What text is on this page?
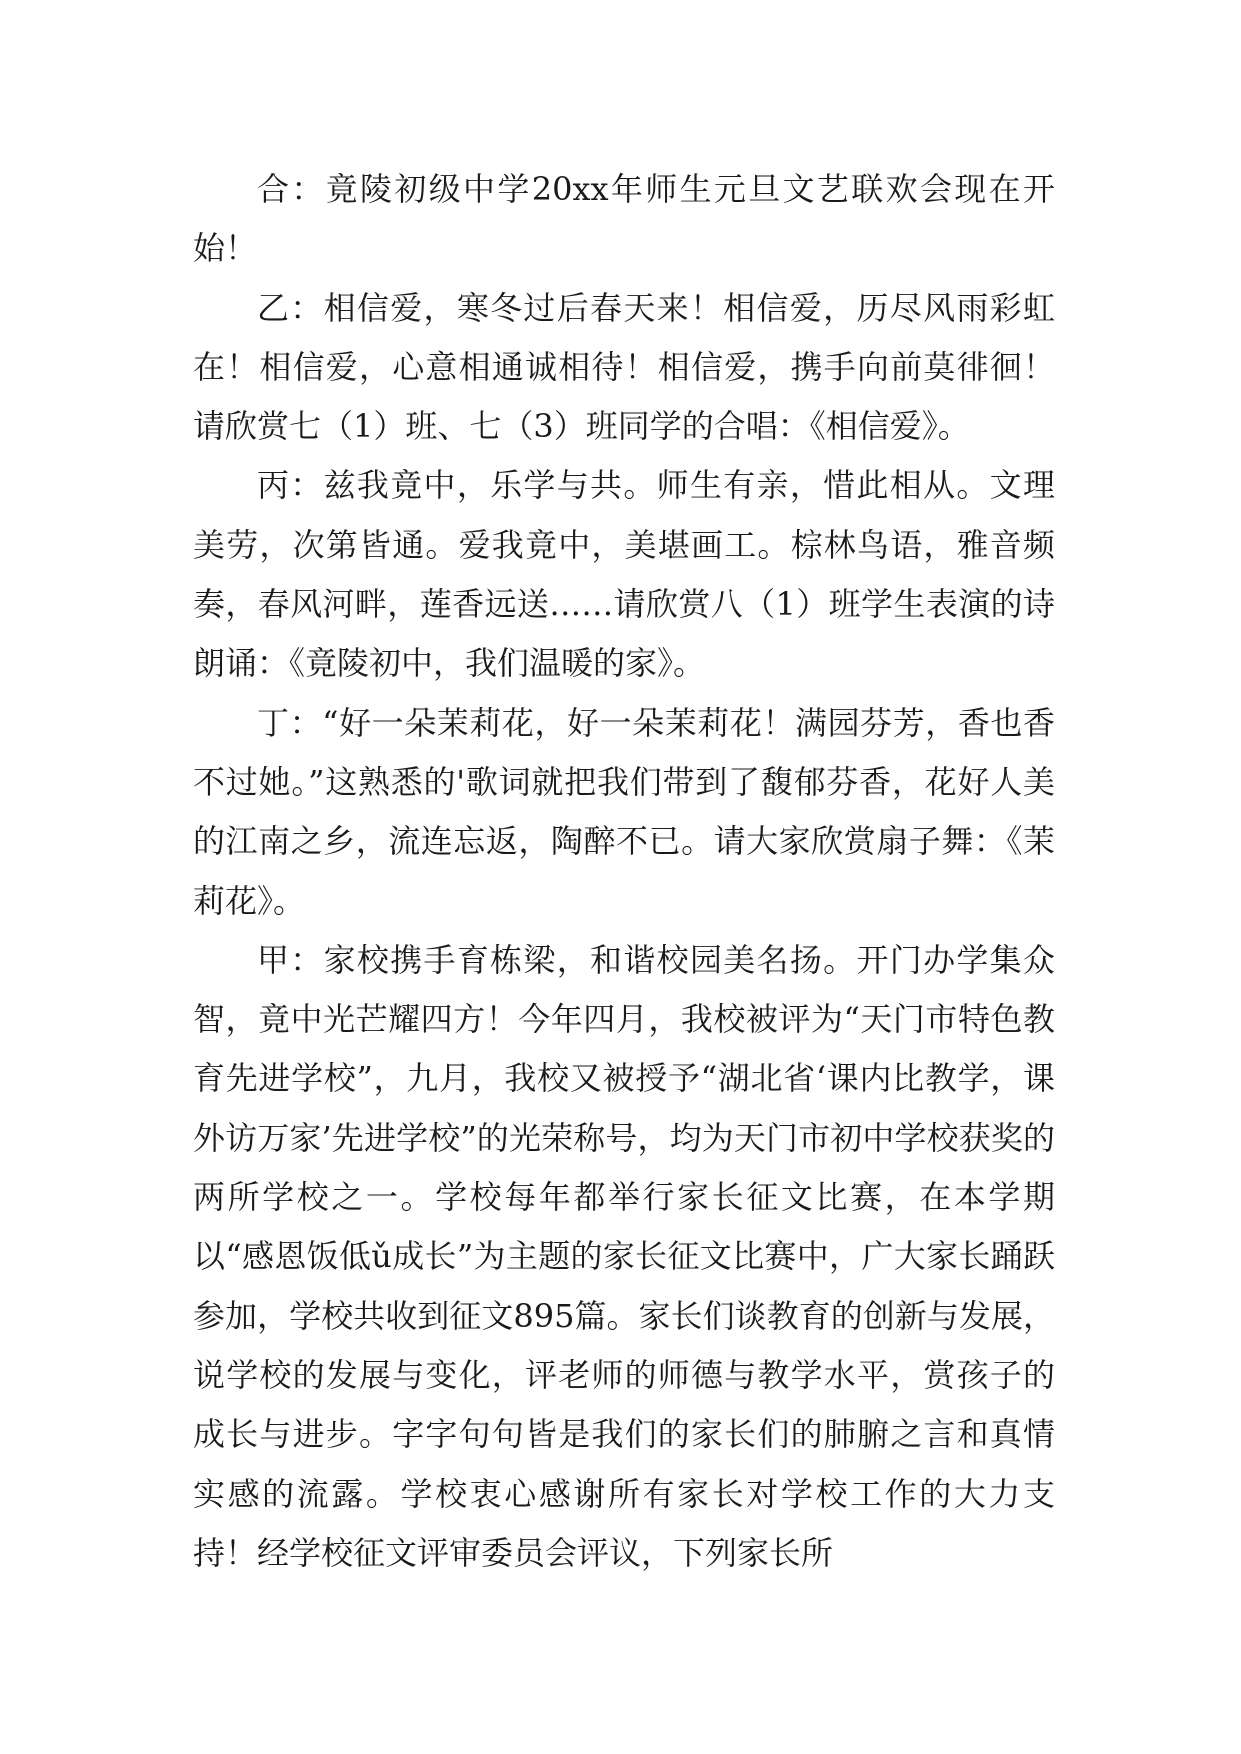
合：竟陵初级中学20xx年师生元旦文艺联欢会现在开始！

乙：相信爱，寒冬过后春天来！相信爱，历尽风雨彩虹在！相信爱，心意相通诚相待！相信爱，携手向前莫徘徊！请欣赏七（1）班、七（3）班同学的合唱：《相信爱》。

丙：兹我竟中，乐学与共。师生有亲，惜此相从。文理美劳，次第皆通。爱我竟中，美堪画工。棕林鸟语，雅音频奏，春风河畔，莲香远送……请欣赏八（1）班学生表演的诗朗诵：《竟陵初中，我们温暖的家》。

丁：“好一朵茉莉花，好一朵茉莉花！满园芬芳，香也香不过她。”这熟悉的'歌词就把我们带到了馥郁芬香，花好人美的江南之乡，流连忘返，陶醉不已。请大家欣赏扇子舞：《茉莉花》。

甲：家校携手育栋梁，和谐校园美名扬。开门办学集众智，竟中光芒耀四方！今年四月，我校被评为“天门市特色教育先进学校”，九月，我校又被授予“湖北省‘课内比教学，课外访万家’先进学校”的光荣称号，均为天门市初中学校获奖的两所学校之一。学校每年都举行家长征文比赛，在本学期以“感恩饭低ǔ成长”为主题的家长征文比赛中，广大家长踊跃参加，学校共收到征文895篇。家长们谈教育的创新与发展，说学校的发展与变化，评老师的师德与教学水平，赏孩子的成长与进步。字字句句皆是我们的家长们的肺腑之言和真情实感的流露。学校衷心感谢所有家长对学校工作的大力支持！经学校征文评审委员会评议，下列家长所
